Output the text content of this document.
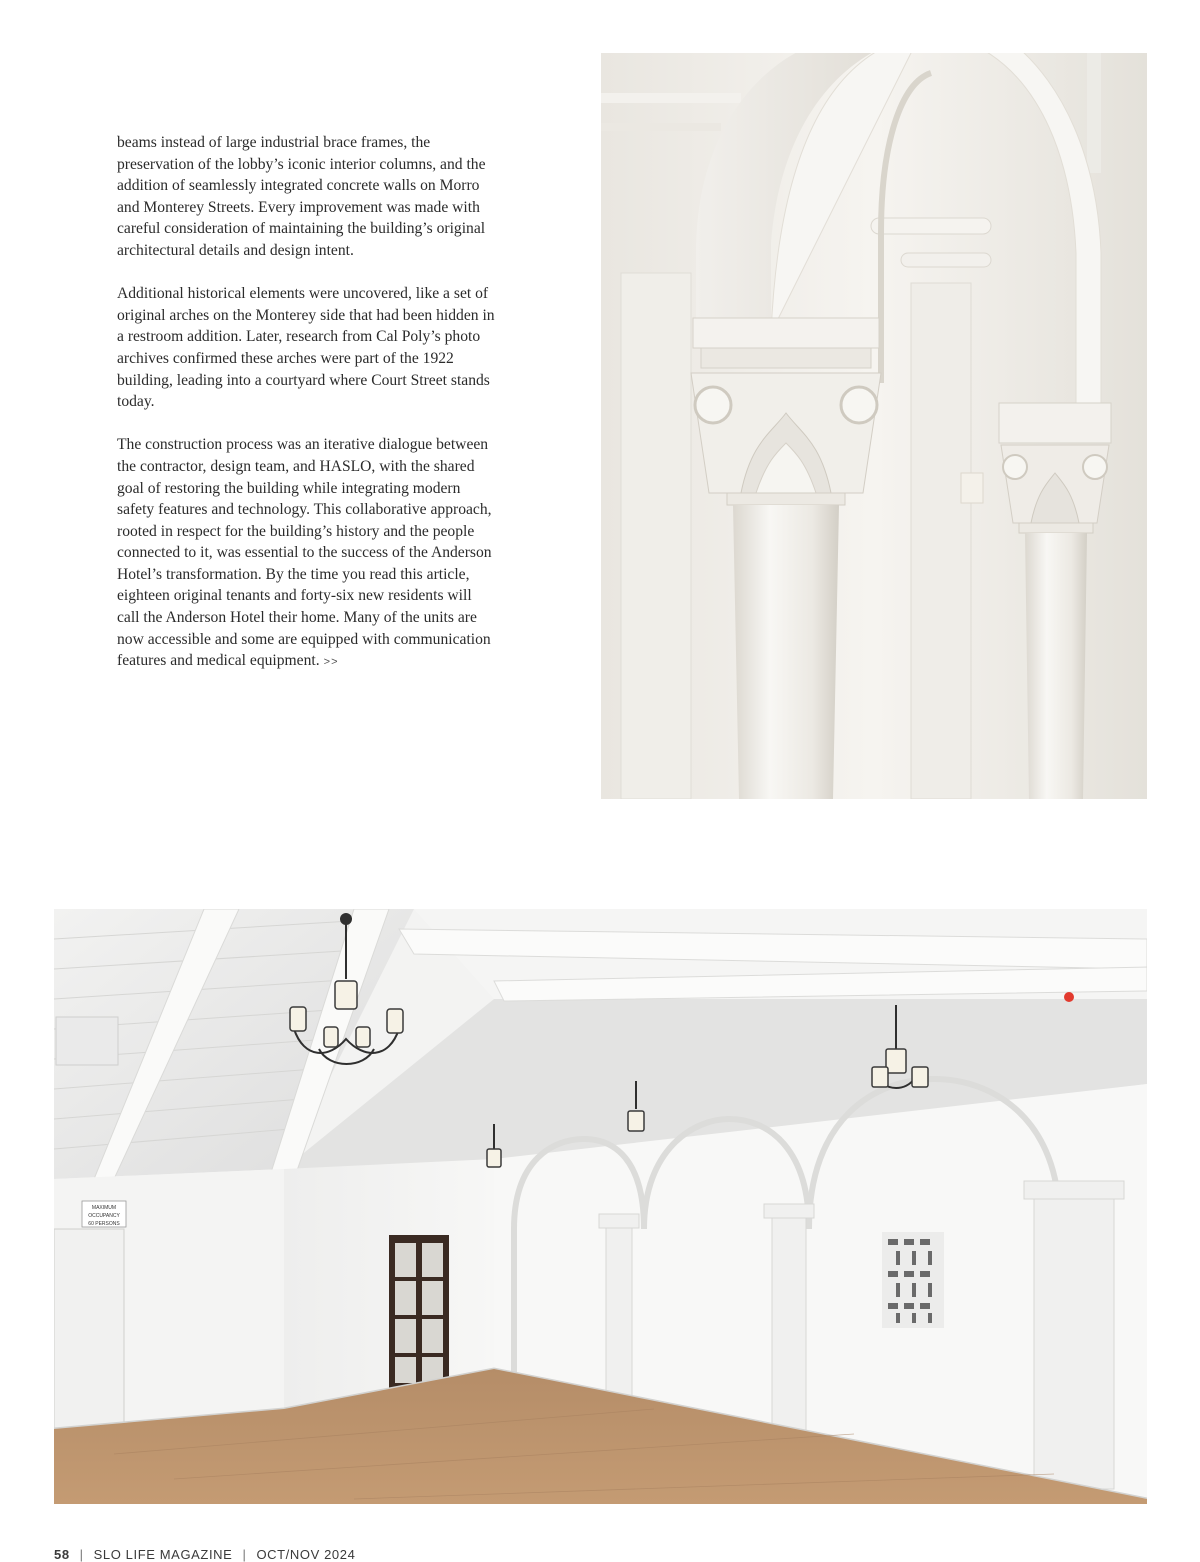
beams instead of large industrial brace frames, the preservation of the lobby’s iconic interior columns, and the addition of seamlessly integrated concrete walls on Morro and Monterey Streets. Every improvement was made with careful consideration of maintaining the building’s original architectural details and design intent.

Additional historical elements were uncovered, like a set of original arches on the Monterey side that had been hidden in a restroom addition. Later, research from Cal Poly’s photo archives confirmed these arches were part of the 1922 building, leading into a courtyard where Court Street stands today.

The construction process was an iterative dialogue between the contractor, design team, and HASLO, with the shared goal of restoring the building while integrating modern safety features and technology. This collaborative approach, rooted in respect for the building’s history and the people connected to it, was essential to the success of the Anderson Hotel’s transformation. By the time you read this article, eighteen original tenants and forty-six new residents will call the Anderson Hotel their home. Many of the units are now accessible and some are equipped with communication features and medical equipment. >>

MAXIMUM
OCCUPANCY
60 PERSONS
58 | SLO LIFE MAGAZINE | OCT/NOV 2024
